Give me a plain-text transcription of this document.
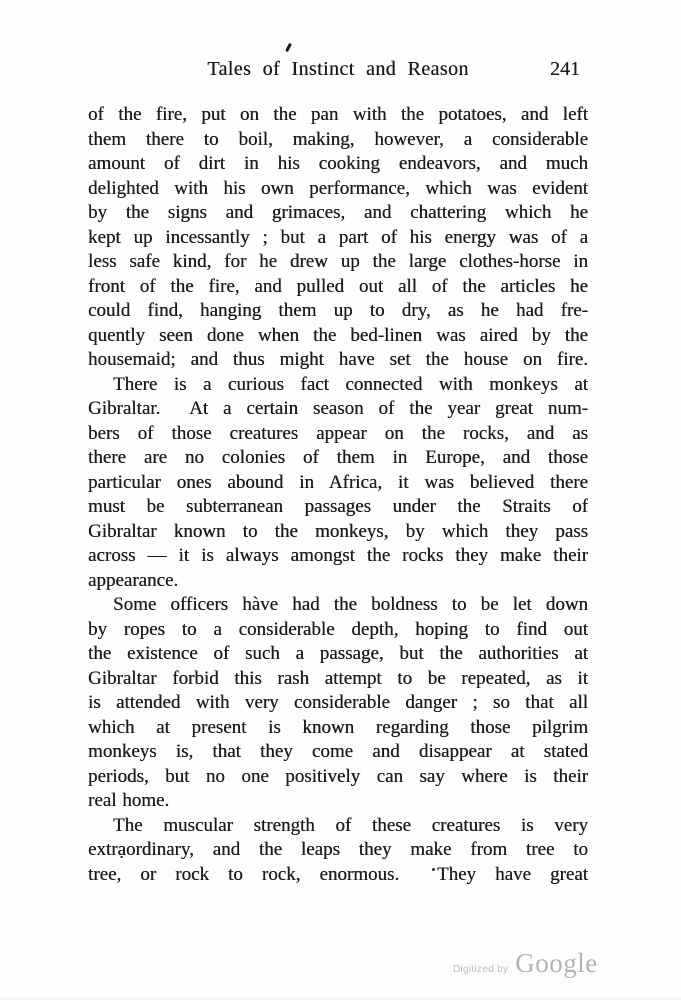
Tales of Instinct and Reason	241
of the fire, put on the pan with the potatoes, and left
them there to boil, making, however, a considerable
amount of dirt in his cooking endeavors, and much
delighted with his own performance, which was evident
by the signs and grimaces, and chattering which he
kept up incessantly ; but a part of his energy was of a
less safe kind, for he drew up the large clothes-horse in
front of the fire, and pulled out all of the articles he
could find, hanging them up to dry, as he had fre-
quently seen done when the bed-linen was aired by the
housemaid; and thus might have set the house on fire.
There is a curious fact connected with monkeys at
Gibraltar.  At a certain season of the year great num-
bers of those creatures appear on the rocks, and as
there are no colonies of them in Europe, and those
particular ones abound in Africa, it was believed there
must be subterranean passages under the Straits of
Gibraltar known to the monkeys, by which they pass
across — it is always amongst the rocks they make their
appearance.
Some officers hàve had the boldness to be let down
by ropes to a considerable depth, hoping to find out
the existence of such a passage, but the authorities at
Gibraltar forbid this rash attempt to be repeated, as it
is attended with very considerable danger ; so that all
which at present is known regarding those pilgrim
monkeys is, that they come and disappear at stated
periods, but no one positively can say where is their
real home.
The muscular strength of these creatures is very
extrạordinary, and the leaps they make from tree to
tree, or rock to rock, enormous.  They have great
Digitized by Google
